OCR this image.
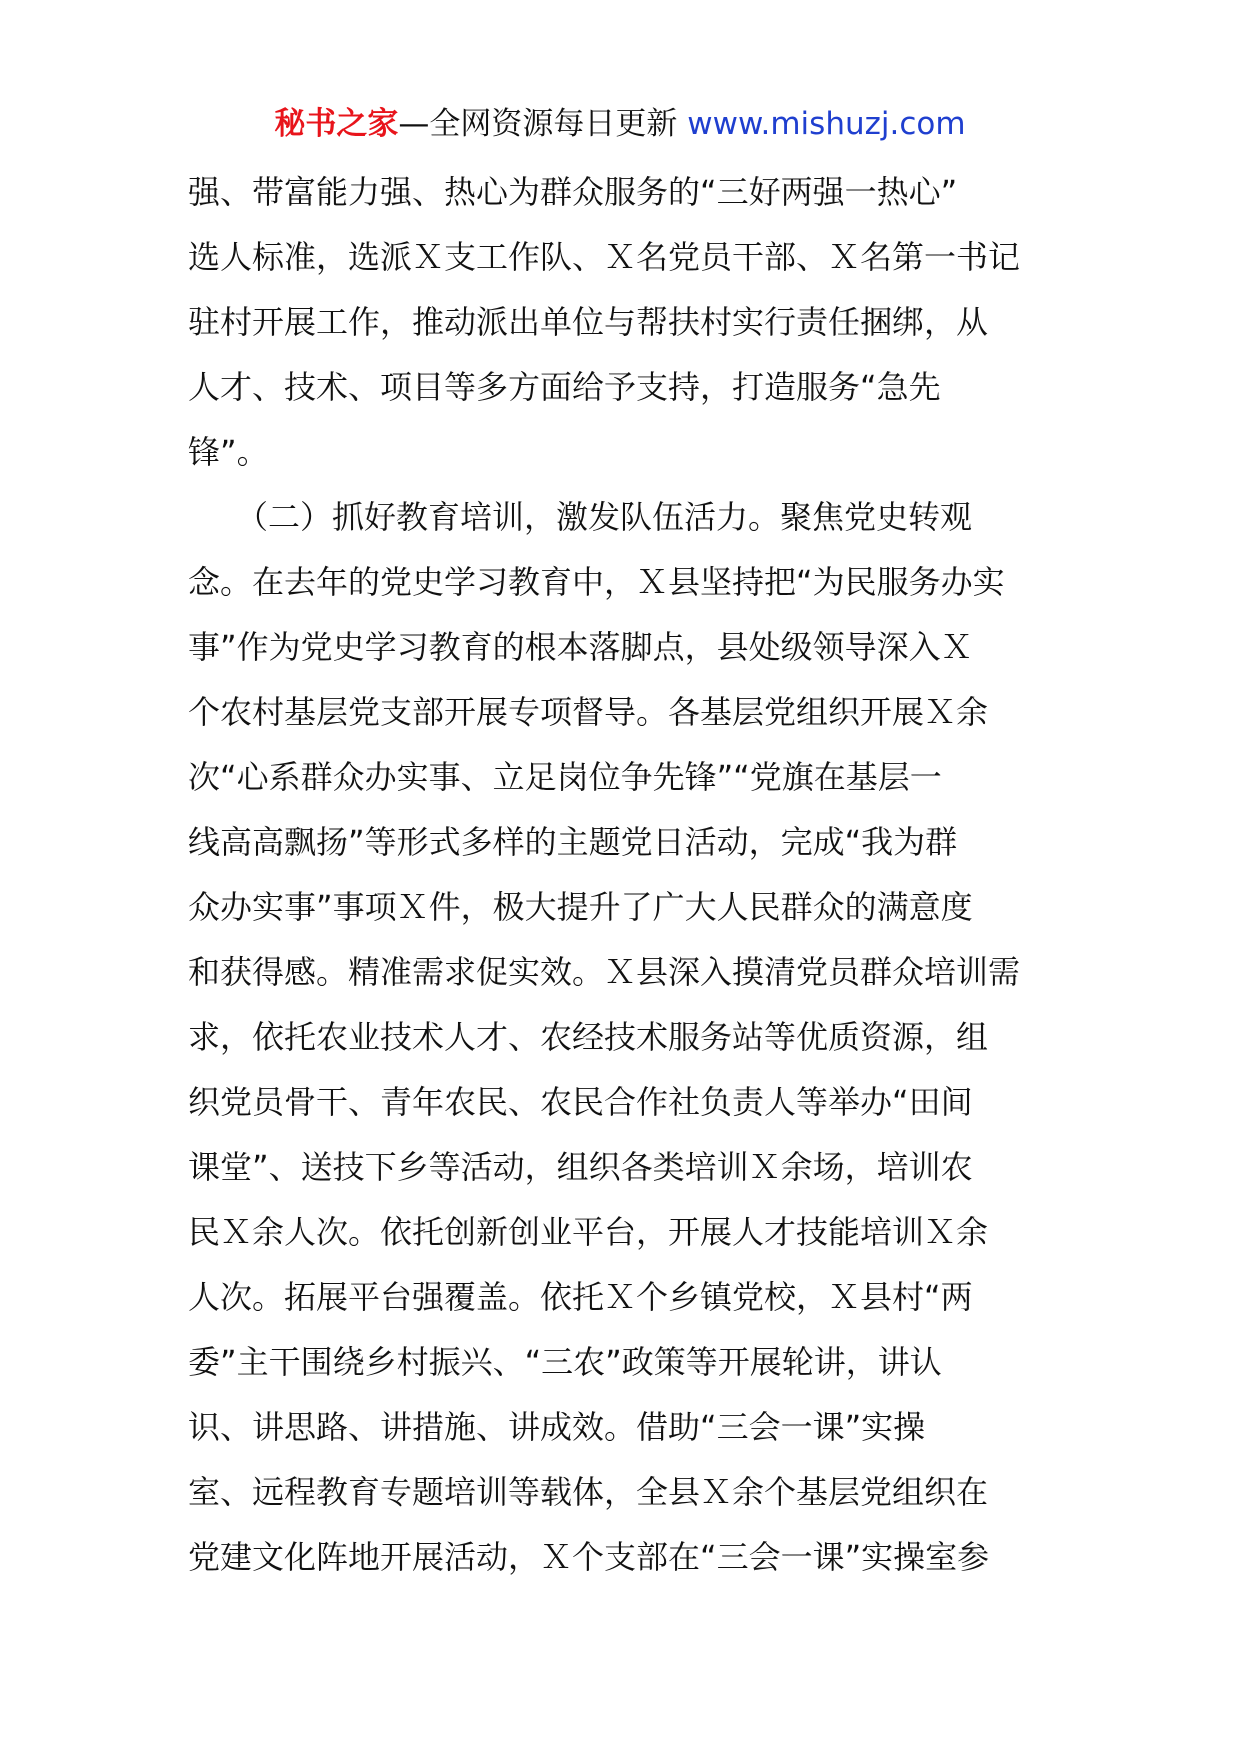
秘书之家—全网资源每日更新 www.mishuzj.com
强、带富能力强、热心为群众服务的“三好两强一热心”
选人标准，选派Ｘ支工作队、Ｘ名党员干部、Ｘ名第一书记
驻村开展工作，推动派出单位与帮扶村实行责任捆绑，从
人才、技术、项目等多方面给予支持，打造服务“急先
锋”。
　　（二）抓好教育培训，激发队伍活力。聚焦党史转观
念。在去年的党史学习教育中，Ｘ县坚持把“为民服务办实
事”作为党史学习教育的根本落脚点，县处级领导深入Ｘ
个农村基层党支部开展专项督导。各基层党组织开展Ｘ余
次“心系群众办实事、立足岗位争先锋”“党旗在基层一
线高高飘扬”等形式多样的主题党日活动，完成“我为群
众办实事”事项Ｘ件，极大提升了广大人民群众的满意度
和获得感。精准需求促实效。Ｘ县深入摸清党员群众培训需
求，依托农业技术人才、农经技术服务站等优质资源，组
织党员骨干、青年农民、农民合作社负责人等举办“田间
课堂”、送技下乡等活动，组织各类培训Ｘ余场，培训农
民Ｘ余人次。依托创新创业平台，开展人才技能培训Ｘ余
人次。拓展平台强覆盖。依托Ｘ个乡镇党校，Ｘ县村“两
委”主干围绕乡村振兴、“三农”政策等开展轮讲，讲认
识、讲思路、讲措施、讲成效。借助“三会一课”实操
室、远程教育专题培训等载体，全县Ｘ余个基层党组织在
党建文化阵地开展活动，Ｘ个支部在“三会一课”实操室参
